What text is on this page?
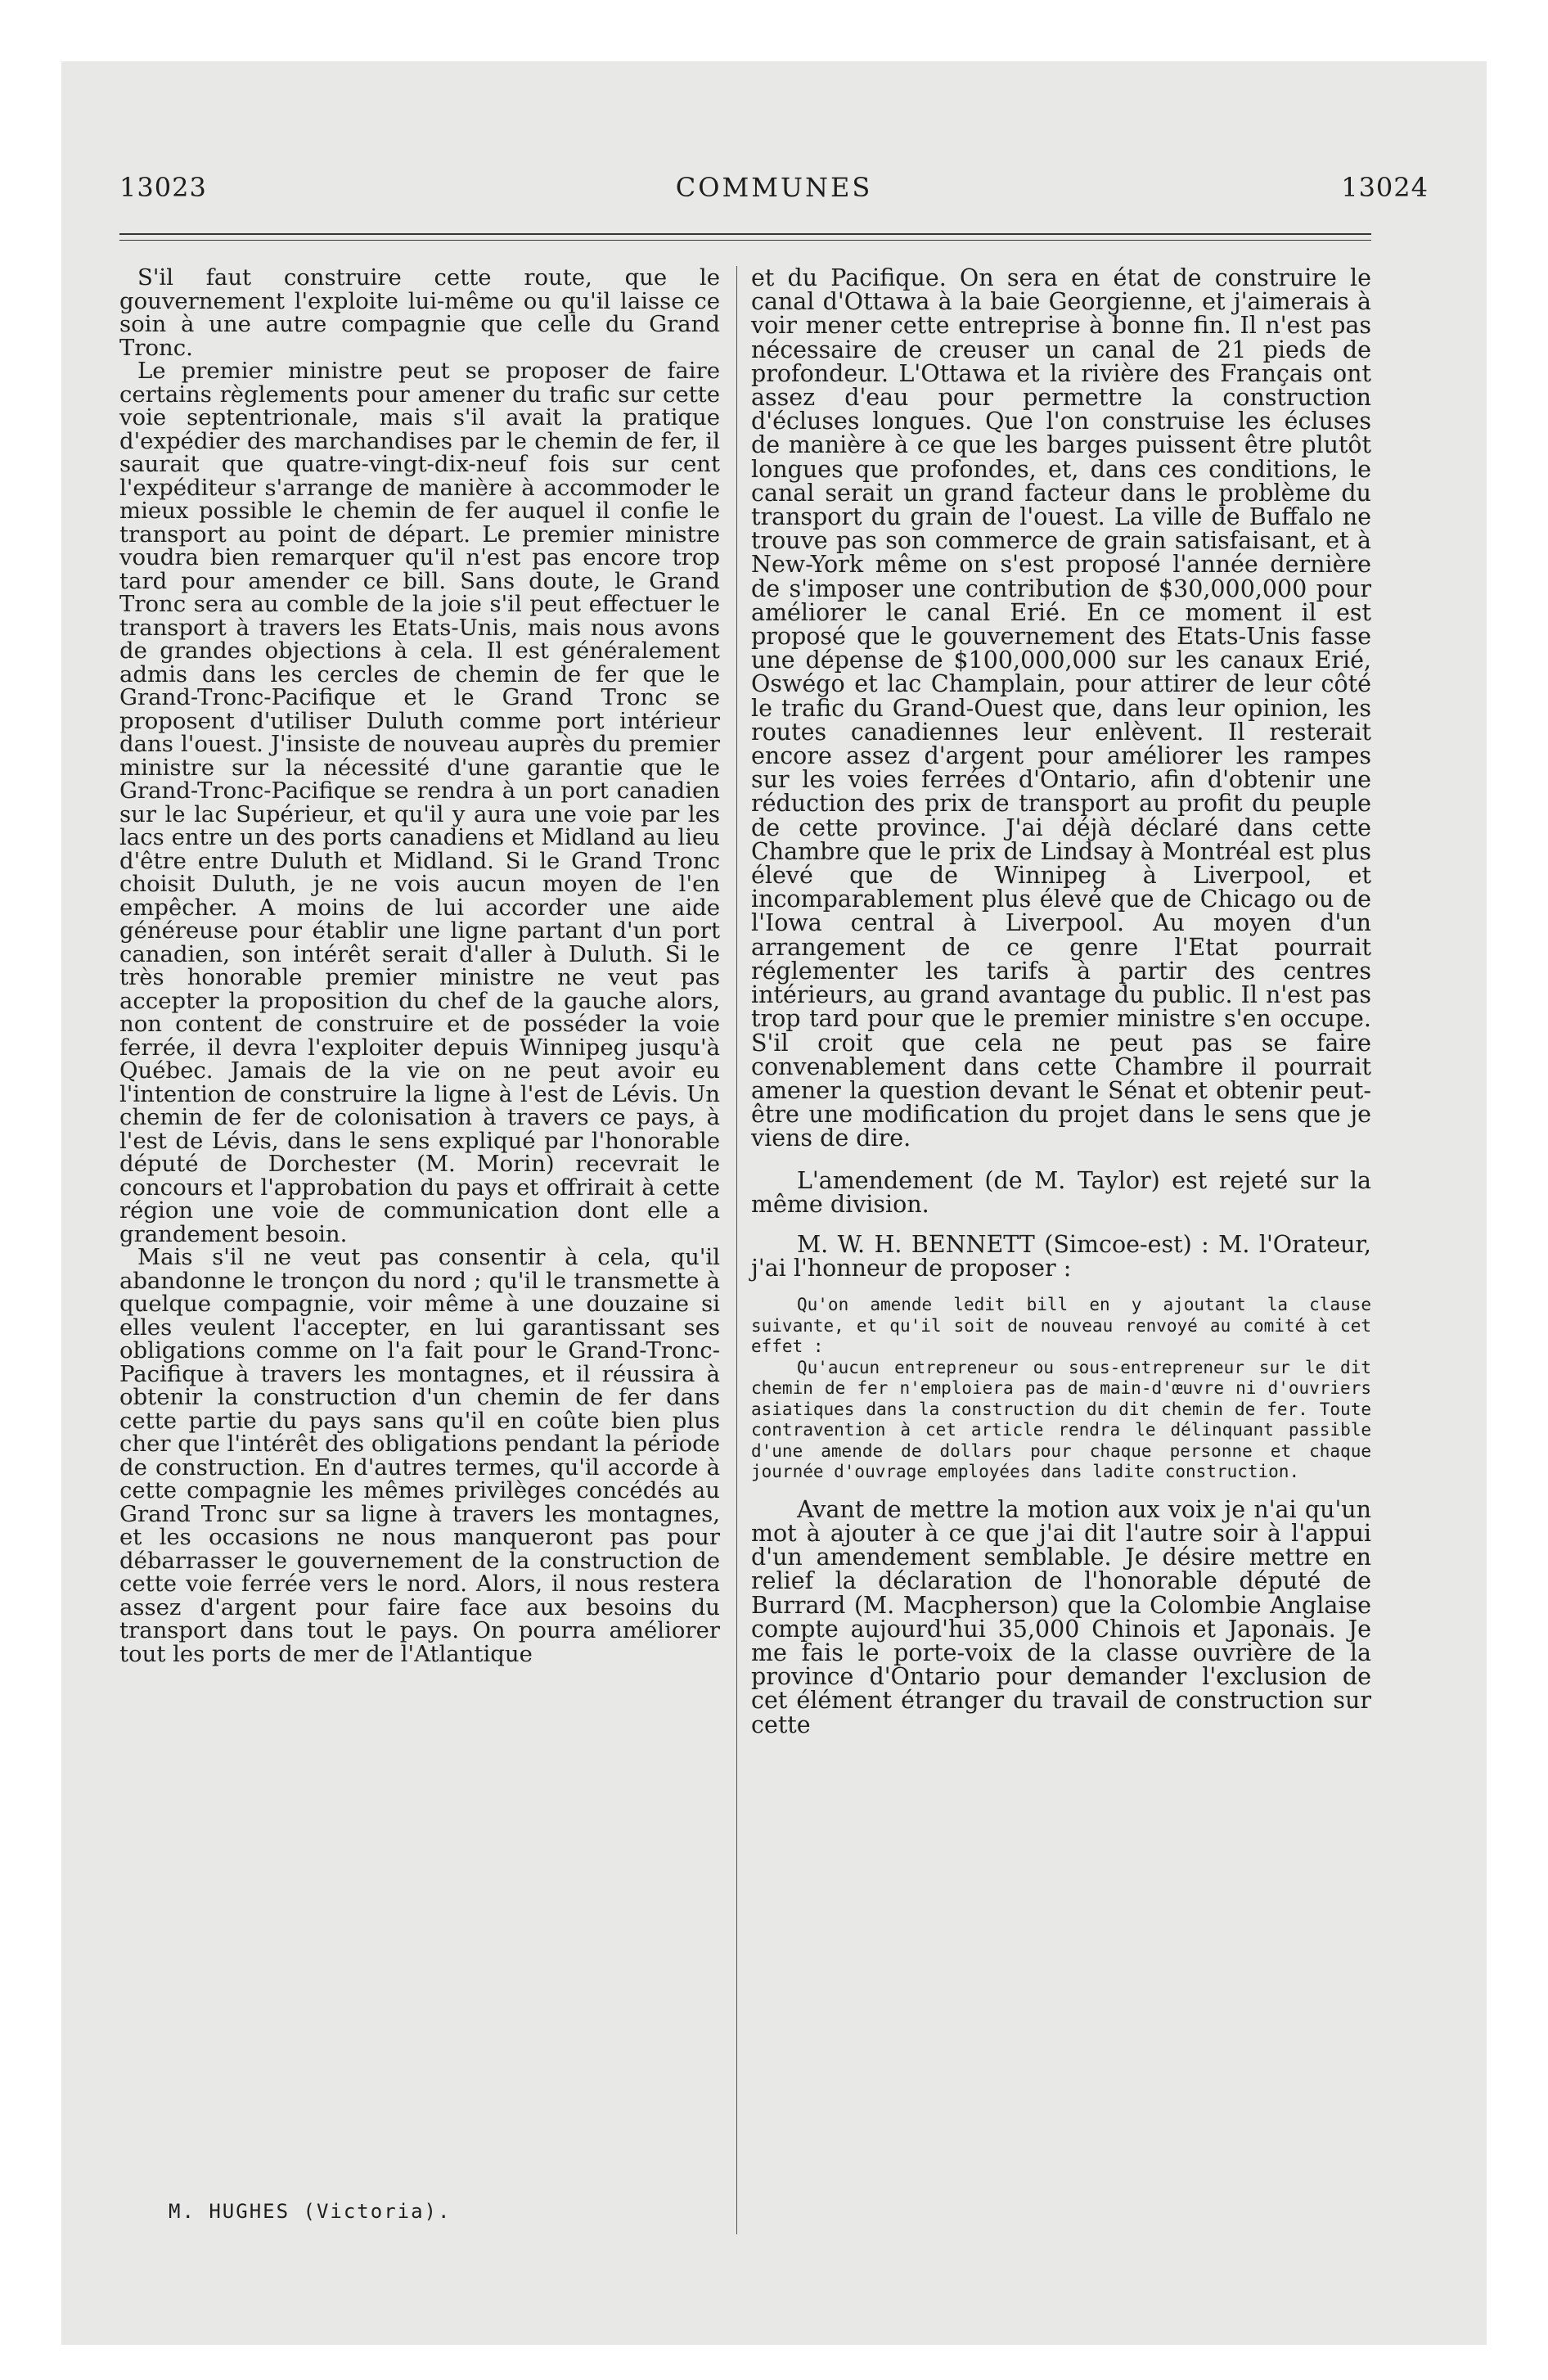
13023	COMMUNES	13024

S'il faut construire cette route, que le gouvernement l'exploite lui-même ou qu'il laisse ce soin à une autre compagnie que celle du Grand Tronc.

Le premier ministre peut se proposer de faire certains règlements pour amener du trafic sur cette voie septentrionale, mais s'il avait la pratique d'expédier des marchandises par le chemin de fer, il saurait que quatre-vingt-dix-neuf fois sur cent l'expéditeur s'arrange de manière à accommoder le mieux possible le chemin de fer auquel il confie le transport au point de départ. Le premier ministre voudra bien remarquer qu'il n'est pas encore trop tard pour amender ce bill. Sans doute, le Grand Tronc sera au comble de la joie s'il peut effectuer le transport à travers les Etats-Unis, mais nous avons de grandes objections à cela. Il est généralement admis dans les cercles de chemin de fer que le Grand-Tronc-Pacifique et le Grand Tronc se proposent d'utiliser Duluth comme port intérieur dans l'ouest. J'insiste de nouveau auprès du premier ministre sur la nécessité d'une garantie que le Grand-Tronc-Pacifique se rendra à un port canadien sur le lac Supérieur, et qu'il y aura une voie par les lacs entre un des ports canadiens et Midland au lieu d'être entre Duluth et Midland. Si le Grand Tronc choisit Duluth, je ne vois aucun moyen de l'en empêcher. A moins de lui accorder une aide généreuse pour établir une ligne partant d'un port canadien, son intérêt serait d'aller à Duluth. Si le très honorable premier ministre ne veut pas accepter la proposition du chef de la gauche alors, non content de construire et de posséder la voie ferrée, il devra l'exploiter depuis Winnipeg jusqu'à Québec. Jamais de la vie on ne peut avoir eu l'intention de construire la ligne à l'est de Lévis. Un chemin de fer de colonisation à travers ce pays, à l'est de Lévis, dans le sens expliqué par l'honorable député de Dorchester (M. Morin) recevrait le concours et l'approbation du pays et offrirait à cette région une voie de communication dont elle a grandement besoin.

Mais s'il ne veut pas consentir à cela, qu'il abandonne le tronçon du nord ; qu'il le transmette à quelque compagnie, voir même à une douzaine si elles veulent l'accepter, en lui garantissant ses obligations comme on l'a fait pour le Grand-Tronc-Pacifique à travers les montagnes, et il réussira à obtenir la construction d'un chemin de fer dans cette partie du pays sans qu'il en coûte bien plus cher que l'intérêt des obligations pendant la période de construction. En d'autres termes, qu'il accorde à cette compagnie les mêmes privilèges concédés au Grand Tronc sur sa ligne à travers les montagnes, et les occasions ne nous manqueront pas pour débarrasser le gouvernement de la construction de cette voie ferrée vers le nord. Alors, il nous restera assez d'argent pour faire face aux besoins du transport dans tout le pays. On pourra améliorer tout les ports de mer de l'Atlantique

M. HUGHES (Victoria).

et du Pacifique. On sera en état de construire le canal d'Ottawa à la baie Georgienne, et j'aimerais à voir mener cette entreprise à bonne fin. Il n'est pas nécessaire de creuser un canal de 21 pieds de profondeur. L'Ottawa et la rivière des Français ont assez d'eau pour permettre la construction d'écluses longues. Que l'on construise les écluses de manière à ce que les barges puissent être plutôt longues que profondes, et, dans ces conditions, le canal serait un grand facteur dans le problème du transport du grain de l'ouest. La ville de Buffalo ne trouve pas son commerce de grain satisfaisant, et à New-York même on s'est proposé l'année dernière de s'imposer une contribution de $30,000,000 pour améliorer le canal Erié. En ce moment il est proposé que le gouvernement des Etats-Unis fasse une dépense de $100,000,000 sur les canaux Erié, Oswégo et lac Champlain, pour attirer de leur côté le trafic du Grand-Ouest que, dans leur opinion, les routes canadiennes leur enlèvent. Il resterait encore assez d'argent pour améliorer les rampes sur les voies ferrées d'Ontario, afin d'obtenir une réduction des prix de transport au profit du peuple de cette province. J'ai déjà déclaré dans cette Chambre que le prix de Lindsay à Montréal est plus élevé que de Winnipeg à Liverpool, et incomparablement plus élevé que de Chicago ou de l'Iowa central à Liverpool. Au moyen d'un arrangement de ce genre l'Etat pourrait réglementer les tarifs à partir des centres intérieurs, au grand avantage du public. Il n'est pas trop tard pour que le premier ministre s'en occupe. S'il croit que cela ne peut pas se faire convenablement dans cette Chambre il pourrait amener la question devant le Sénat et obtenir peut-être une modification du projet dans le sens que je viens de dire.

L'amendement (de M. Taylor) est rejeté sur la même division.

M. W. H. BENNETT (Simcoe-est) : M. l'Orateur, j'ai l'honneur de proposer :

Qu'on amende ledit bill en y ajoutant la clause suivante, et qu'il soit de nouveau renvoyé au comité à cet effet :

Qu'aucun entrepreneur ou sous-entrepreneur sur le dit chemin de fer n'emploiera pas de main-d'œuvre ni d'ouvriers asiatiques dans la construction du dit chemin de fer. Toute contravention à cet article rendra le délinquant passible d'une amende de dollars pour chaque personne et chaque journée d'ouvrage employées dans ladite construction.

Avant de mettre la motion aux voix je n'ai qu'un mot à ajouter à ce que j'ai dit l'autre soir à l'appui d'un amendement semblable. Je désire mettre en relief la déclaration de l'honorable député de Burrard (M. Macpherson) que la Colombie Anglaise compte aujourd'hui 35,000 Chinois et Japonais. Je me fais le porte-voix de la classe ouvrière de la province d'Ontario pour demander l'exclusion de cet élément étranger du travail de construction sur cette
